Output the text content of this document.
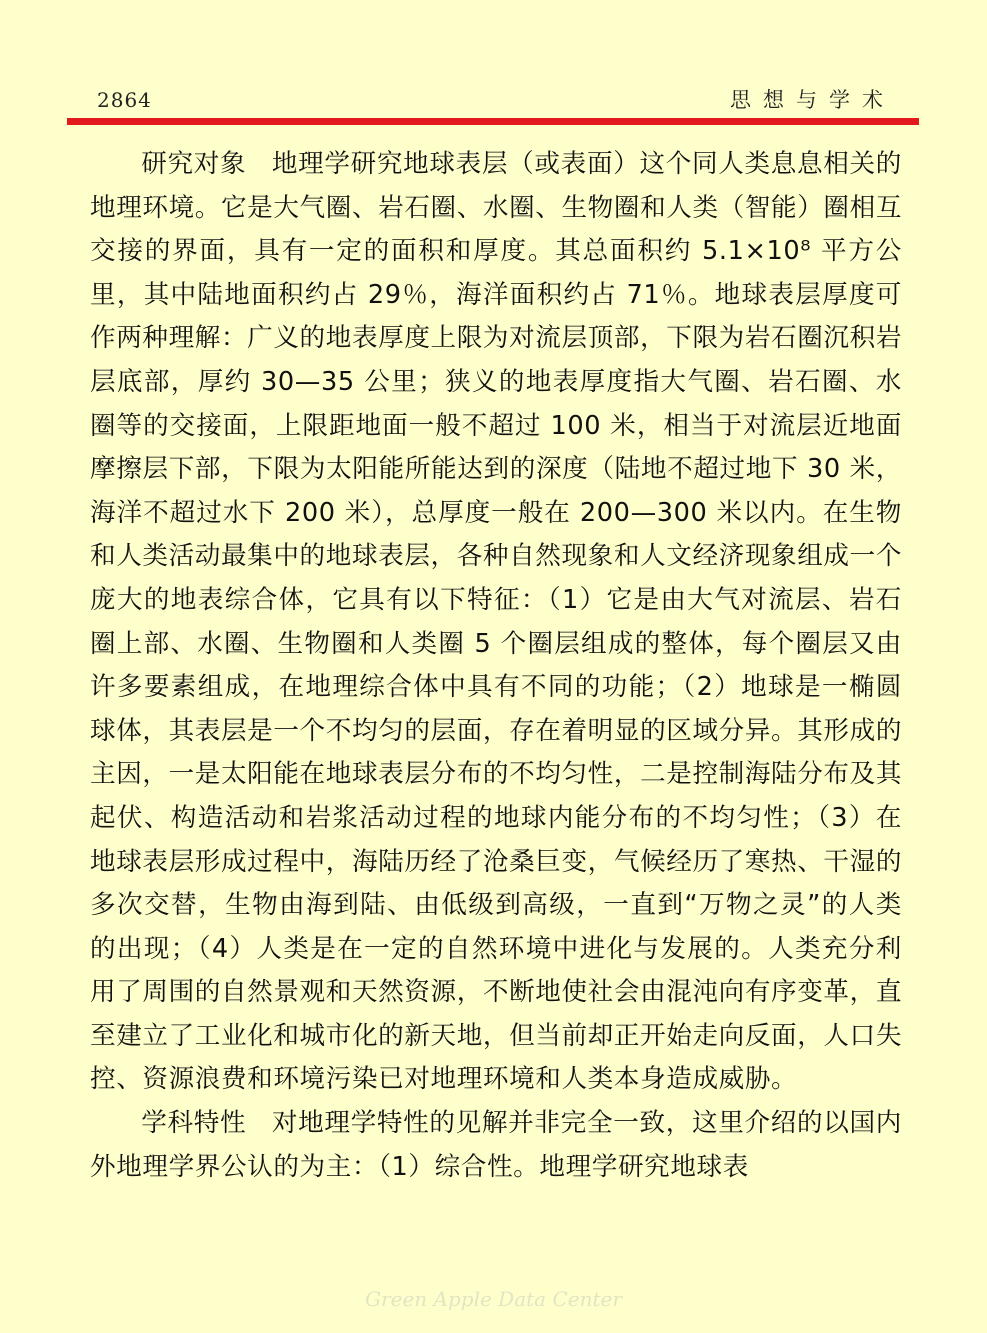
2864	思想与学术

研究对象 地理学研究地球表层（或表面）这个同人类息息相关的地理环境。它是大气圈、岩石圈、水圈、生物圈和人类（智能）圈相互交接的界面，具有一定的面积和厚度。其总面积约 5.1×10⁸ 平方公里，其中陆地面积约占 29％，海洋面积约占 71％。地球表层厚度可作两种理解：广义的地表厚度上限为对流层顶部，下限为岩石圈沉积岩层底部，厚约 30—35 公里；狭义的地表厚度指大气圈、岩石圈、水圈等的交接面，上限距地面一般不超过 100 米，相当于对流层近地面摩擦层下部，下限为太阳能所能达到的深度（陆地不超过地下 30 米，海洋不超过水下 200 米），总厚度一般在 200—300 米以内。在生物和人类活动最集中的地球表层，各种自然现象和人文经济现象组成一个庞大的地表综合体，它具有以下特征：（1）它是由大气对流层、岩石圈上部、水圈、生物圈和人类圈 5 个圈层组成的整体，每个圈层又由许多要素组成，在地理综合体中具有不同的功能；（2）地球是一椭圆球体，其表层是一个不均匀的层面，存在着明显的区域分异。其形成的主因，一是太阳能在地球表层分布的不均匀性，二是控制海陆分布及其起伏、构造活动和岩浆活动过程的地球内能分布的不均匀性；（3）在地球表层形成过程中，海陆历经了沧桑巨变，气候经历了寒热、干湿的多次交替，生物由海到陆、由低级到高级，一直到“万物之灵”的人类的出现；（4）人类是在一定的自然环境中进化与发展的。人类充分利用了周围的自然景观和天然资源，不断地使社会由混沌向有序变革，直至建立了工业化和城市化的新天地，但当前却正开始走向反面，人口失控、资源浪费和环境污染已对地理环境和人类本身造成威胁。

学科特性 对地理学特性的见解并非完全一致，这里介绍的以国内外地理学界公认的为主：（1）综合性。地理学研究地球表

Green Apple Data Center
